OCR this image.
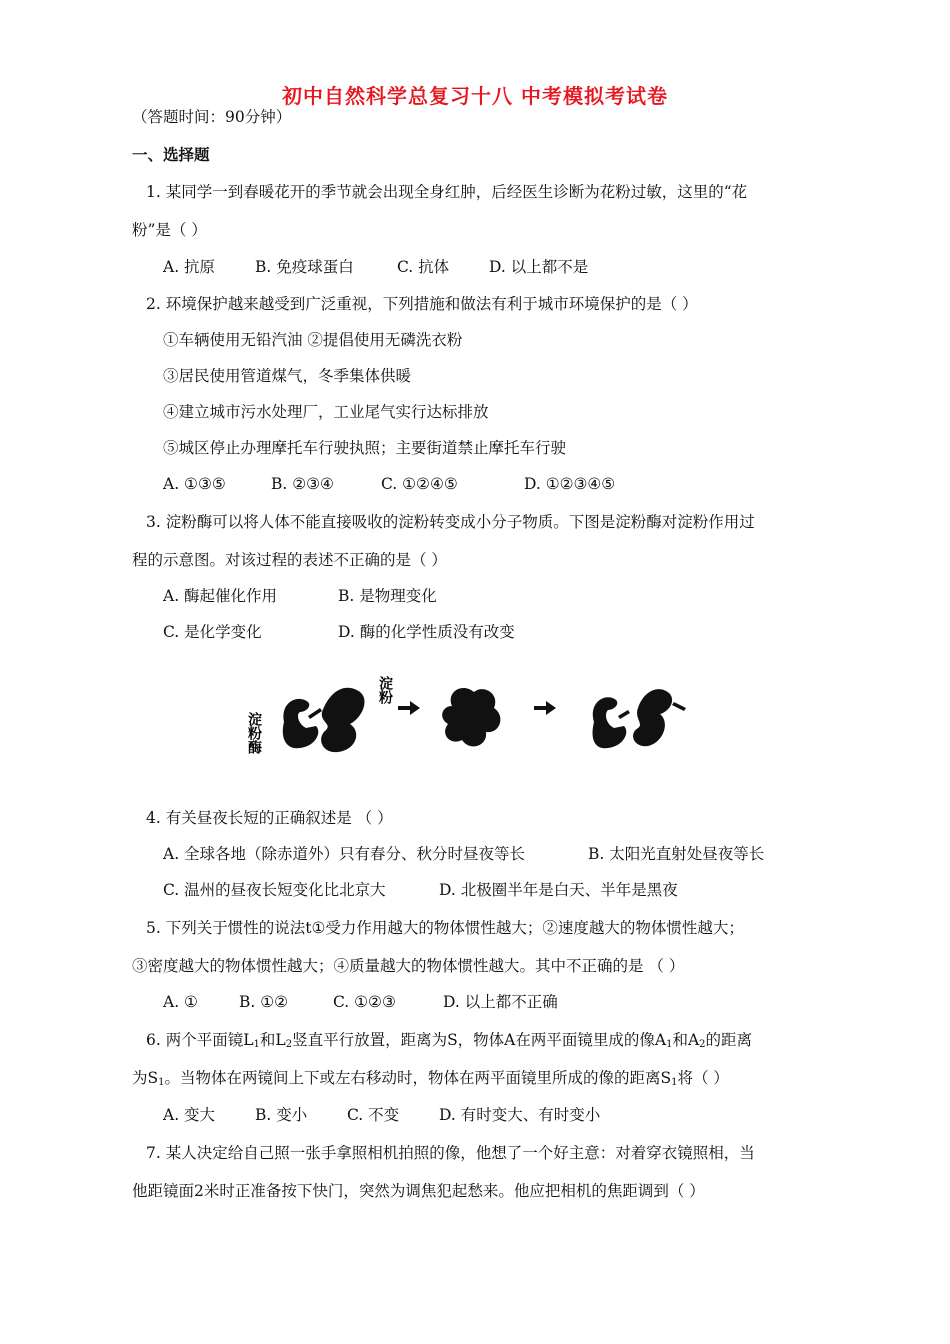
初中自然科学总复习十八 中考模拟考试卷
（答题时间：90分钟）
一、选择题
1. 某同学一到春暖花开的季节就会出现全身红肿，后经医生诊断为花粉过敏，这里的“花
粉”是（ ）
A. 抗原	B. 免疫球蛋白	C. 抗体	D. 以上都不是
2. 环境保护越来越受到广泛重视，下列措施和做法有利于城市环境保护的是（ ）
①车辆使用无铅汽油 ②提倡使用无磷洗衣粉
③居民使用管道煤气，冬季集体供暖
④建立城市污水处理厂，工业尾气实行达标排放
⑤城区停止办理摩托车行驶执照；主要街道禁止摩托车行驶
A. ①③⑤	B. ②③④	C. ①②④⑤	D. ①②③④⑤
3. 淀粉酶可以将人体不能直接吸收的淀粉转变成小分子物质。下图是淀粉酶对淀粉作用过
程的示意图。对该过程的表述不正确的是（ ）
A. 酶起催化作用	B. 是物理变化
C. 是化学变化	D. 酶的化学性质没有改变
淀粉酶
淀粉
4. 有关昼夜长短的正确叙述是 （ ）
A. 全球各地（除赤道外）只有春分、秋分时昼夜等长	B. 太阳光直射处昼夜等长
C. 温州的昼夜长短变化比北京大	D. 北极圈半年是白天、半年是黑夜
5. 下列关于惯性的说法t①受力作用越大的物体惯性越大；②速度越大的物体惯性越大；
③密度越大的物体惯性越大；④质量越大的物体惯性越大。其中不正确的是 （ ）
A. ①	B. ①②	C. ①②③	D. 以上都不正确
6. 两个平面镜$L_1$和$L_2$竖直平行放置，距离为S，物体A在两平面镜里成的像$A_1$和$A_2$的距离
为$S_1$。当物体在两镜间上下或左右移动时，物体在两平面镜里所成的像的距离$S_1$将（ ）
A. 变大	B. 变小	C. 不变	D. 有时变大、有时变小
7. 某人决定给自己照一张手拿照相机拍照的像，他想了一个好主意：对着穿衣镜照相，当
他距镜面2米时正准备按下快门，突然为调焦犯起愁来。他应把相机的焦距调到（ ）
